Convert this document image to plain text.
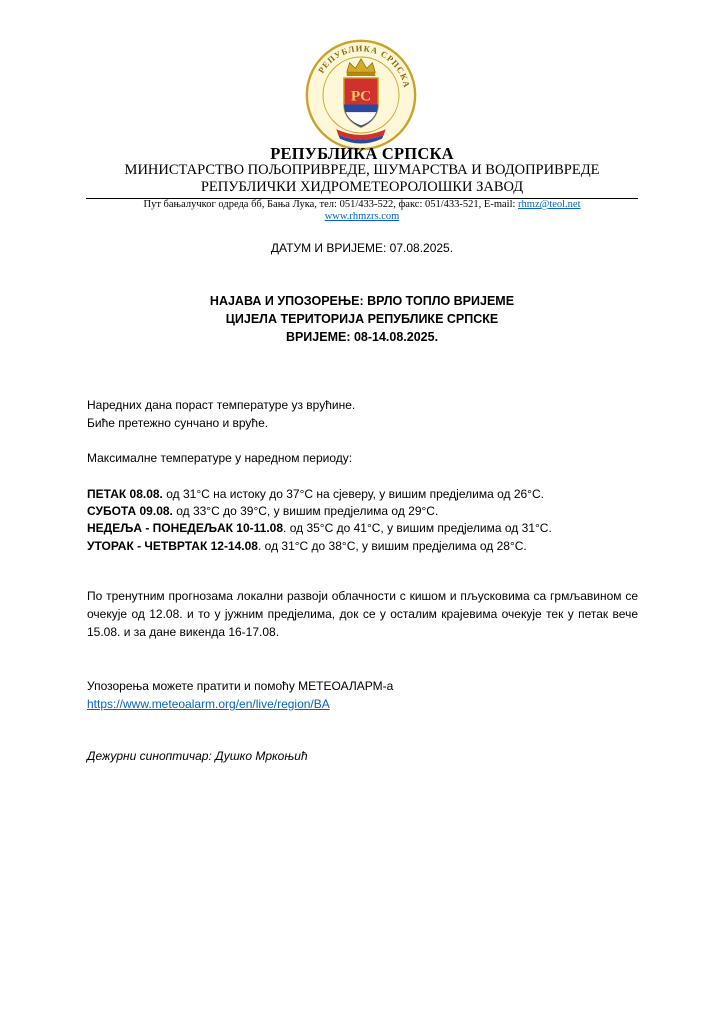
РЕПУБЛИКА СРПСКА
PC
РЕПУБЛИКА СРПСКА
МИНИСТАРСТВО ПОЉОПРИВРЕДЕ, ШУМАРСТВА И ВОДОПРИВРЕДЕ
РЕПУБЛИЧКИ ХИДРОМЕТЕОРОЛОШКИ ЗАВОД
Пут бањалучког одреда бб, Бања Лука, тел: 051/433-522, факс: 051/433-521, E-mail: rhmz@teol.net
www.rhmzrs.com
ДАТУМ И ВРИЈЕМЕ: 07.08.2025.
НАЈАВА И УПОЗОРЕЊЕ: ВРЛО ТОПЛО ВРИЈЕМЕ
ЦИЈЕЛА ТЕРИТОРИЈА РЕПУБЛИКЕ СРПСКЕ
ВРИЈЕМЕ: 08-14.08.2025.
Наредних дана пораст температуре уз врућине.
Биће претежно сунчано и вруће.
Максималне температуре у наредном периоду:
ПЕТАК 08.08. од 31°C на истоку до 37°C на сјеверу, у вишим предјелима од 26°C.
СУБОТА 09.08. од 33°C до 39°C, у вишим предјелима од 29°C.
НЕДЕЉА - ПОНЕДЕЉАК 10-11.08. од 35°C до 41°C, у вишим предјелима од 31°C.
УТОРАК - ЧЕТВРТАК 12-14.08. од 31°C до 38°C, у вишим предјелима од 28°C.

По тренутним прогнозама локални развоји облачности с кишом и пљусковима са грмљавином се очекује од 12.08. и то у јужним предјелима, док се у осталим крајевима очекује тек у петак вече 15.08. и за дане викенда 16-17.08.

Упозорења можете пратити и помоћу МЕТЕОАЛАРМ-а
https://www.meteoalarm.org/en/live/region/BA
Дежурни синоптичар: Душко Мркоњић
